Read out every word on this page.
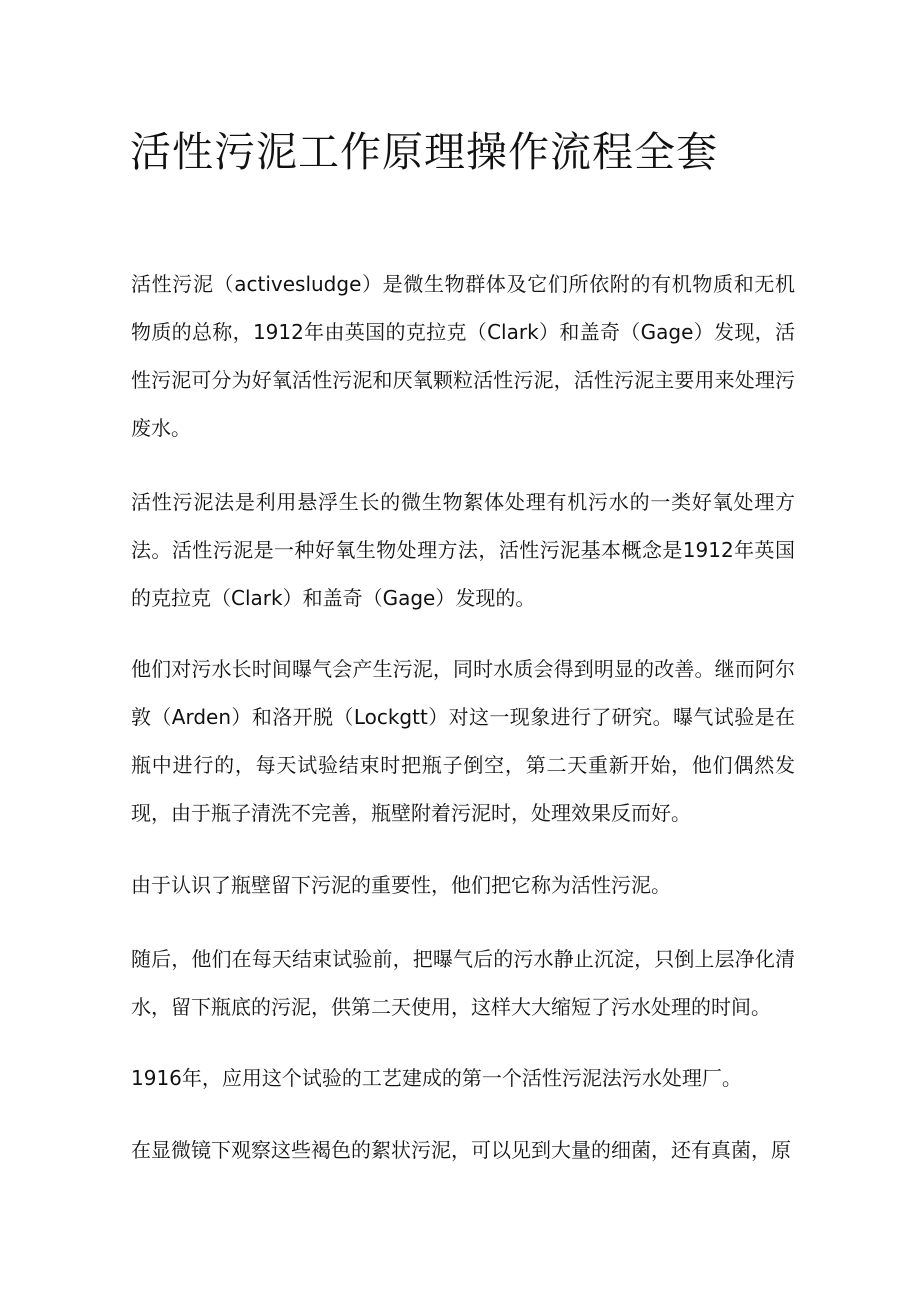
活性污泥工作原理操作流程全套

活性污泥（activesludge）是微生物群体及它们所依附的有机物质和无机物质的总称，1912年由英国的克拉克（Clark）和盖奇（Gage）发现，活性污泥可分为好氧活性污泥和厌氧颗粒活性污泥，活性污泥主要用来处理污废水。

活性污泥法是利用悬浮生长的微生物絮体处理有机污水的一类好氧处理方法。活性污泥是一种好氧生物处理方法，活性污泥基本概念是1912年英国的克拉克（Clark）和盖奇（Gage）发现的。

他们对污水长时间曝气会产生污泥，同时水质会得到明显的改善。继而阿尔敦（Arden）和洛开脱（Lockgtt）对这一现象进行了研究。曝气试验是在瓶中进行的，每天试验结束时把瓶子倒空，第二天重新开始，他们偶然发现，由于瓶子清洗不完善，瓶壁附着污泥时，处理效果反而好。

由于认识了瓶壁留下污泥的重要性，他们把它称为活性污泥。

随后，他们在每天结束试验前，把曝气后的污水静止沉淀，只倒上层净化清水，留下瓶底的污泥，供第二天使用，这样大大缩短了污水处理的时间。

1916年，应用这个试验的工艺建成的第一个活性污泥法污水处理厂。

在显微镜下观察这些褐色的絮状污泥，可以见到大量的细菌，还有真菌，原
